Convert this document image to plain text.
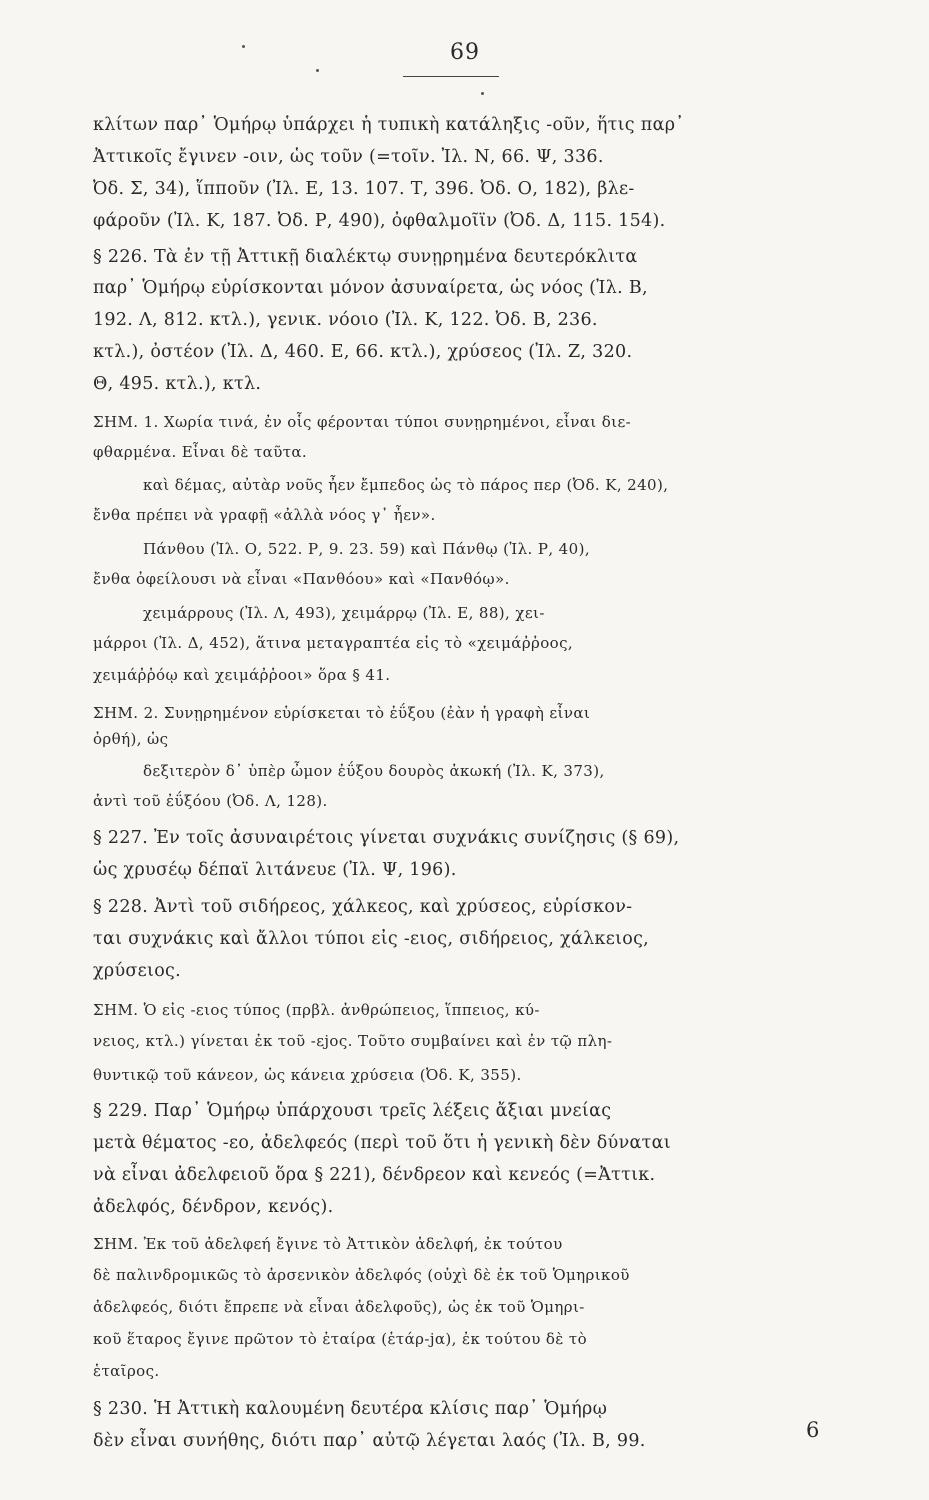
69
κλίτων παρ᾽ Ὁμήρῳ ὑπάρχει ἡ τυπικὴ κατάληξις -οῦν, ἥτις παρ᾽
Ἀττικοῖς ἔγινεν -οιν, ὡς τοῦν (=τοῖν. Ἰλ. Ν, 66. Ψ, 336.
Ὀδ. Σ, 34), ἵπποῦν (Ἰλ. Ε, 13. 107. Τ, 396. Ὀδ. Ο, 182), βλε-
φάροῦν (Ἰλ. Κ, 187. Ὀδ. Ρ, 490), ὀφθαλμοῖϊν (Ὀδ. Δ, 115. 154).
§ 226. Τὰ ἐν τῇ Ἀττικῇ διαλέκτῳ συνῃρημένα δευτερόκλιτα
παρ᾽ Ὁμήρῳ εὑρίσκονται μόνον ἀσυναίρετα, ὡς νόος (Ἰλ. Β,
192. Λ, 812. κτλ.), γενικ. νόοιο (Ἰλ. Κ, 122. Ὀδ. Β, 236.
κτλ.), ὀστέον (Ἰλ. Δ, 460. Ε, 66. κτλ.), χρύσεος (Ἰλ. Ζ, 320.
Θ, 495. κτλ.), κτλ.
ΣΗΜ. 1. Χωρία τινά, ἐν οἷς φέρονται τύποι συνῃρημένοι, εἶναι διε-
φθαρμένα. Εἶναι δὲ ταῦτα.
καὶ δέμας, αὐτὰρ νοῦς ἦεν ἔμπεδος ὡς τὸ πάρος περ (Ὀδ. Κ, 240),
ἔνθα πρέπει νὰ γραφῇ «ἀλλὰ νόος γ᾽ ἦεν».
Πάνθου (Ἰλ. Ο, 522. Ρ, 9. 23. 59) καὶ Πάνθῳ (Ἰλ. Ρ, 40),
ἔνθα ὀφείλουσι νὰ εἶναι «Πανθόου» καὶ «Πανθόῳ».
χειμάρρους (Ἰλ. Λ, 493), χειμάρρῳ (Ἰλ. Ε, 88), χει-
μάρροι (Ἰλ. Δ, 452), ἅτινα μεταγραπτέα εἰς τὸ «χειμάῤῥοος,
χειμάῤῥόῳ καὶ χειμάῤῥοοι» ὅρα § 41.
ΣΗΜ. 2. Συνῃρημένον εὑρίσκεται τὸ ἐΰξου (ἐὰν ἡ γραφὴ εἶναι
ὀρθή), ὡς
δεξιτερὸν δ᾽ ὑπὲρ ὦμον ἐΰξου δουρὸς ἀκωκή (Ἰλ. Κ, 373),
ἀντὶ τοῦ ἐΰξόου (Ὀδ. Λ, 128).
§ 227. Ἐν τοῖς ἀσυναιρέτοις γίνεται συχνάκις συνίζησις (§ 69),
ὡς χρυσέῳ δέπαϊ λιτάνευε (Ἰλ. Ψ, 196).
§ 228. Ἀντὶ τοῦ σιδήρεος, χάλκεος, καὶ χρύσεος, εὑρίσκον-
ται συχνάκις καὶ ἄλλοι τύποι εἰς -ειος, σιδήρειος, χάλκειος,
χρύσειος.
ΣΗΜ. Ὁ εἰς -ειος τύπος (πρβλ. ἀνθρώπειος, ἵππειος, κύ-
νειος, κτλ.) γίνεται ἐκ τοῦ -εjος. Τοῦτο συμβαίνει καὶ ἐν τῷ πλη-
θυντικῷ τοῦ κάνεον, ὡς κάνεια χρύσεια (Ὀδ. Κ, 355).
§ 229. Παρ᾽ Ὁμήρῳ ὑπάρχουσι τρεῖς λέξεις ἄξιαι μνείας
μετὰ θέματος -εο, ἀδελφεός (περὶ τοῦ ὅτι ἡ γενικὴ δὲν δύναται
νὰ εἶναι ἀδελφειοῦ ὅρα § 221), δένδρεον καὶ κενεός (=Ἀττικ.
ἀδελφός, δένδρον, κενός).
ΣΗΜ. Ἐκ τοῦ ἀδελφεή ἔγινε τὸ Ἀττικὸν ἀδελφή, ἐκ τούτου
δὲ παλινδρομικῶς τὸ ἀρσενικὸν ἀδελφός (οὐχὶ δὲ ἐκ τοῦ Ὁμηρικοῦ
ἀδελφεός, διότι ἔπρεπε νὰ εἶναι ἀδελφοῦς), ὡς ἐκ τοῦ Ὁμηρι-
κοῦ ἕταρος ἔγινε πρῶτον τὸ ἑταίρα (ἑτάρ-jα), ἐκ τούτου δὲ τὸ
ἑταῖρος.
§ 230. Ἡ Ἀττικὴ καλουμένη δευτέρα κλίσις παρ᾽ Ὁμήρῳ
δὲν εἶναι συνήθης, διότι παρ᾽ αὐτῷ λέγεται λαός (Ἰλ. Β, 99.	6
